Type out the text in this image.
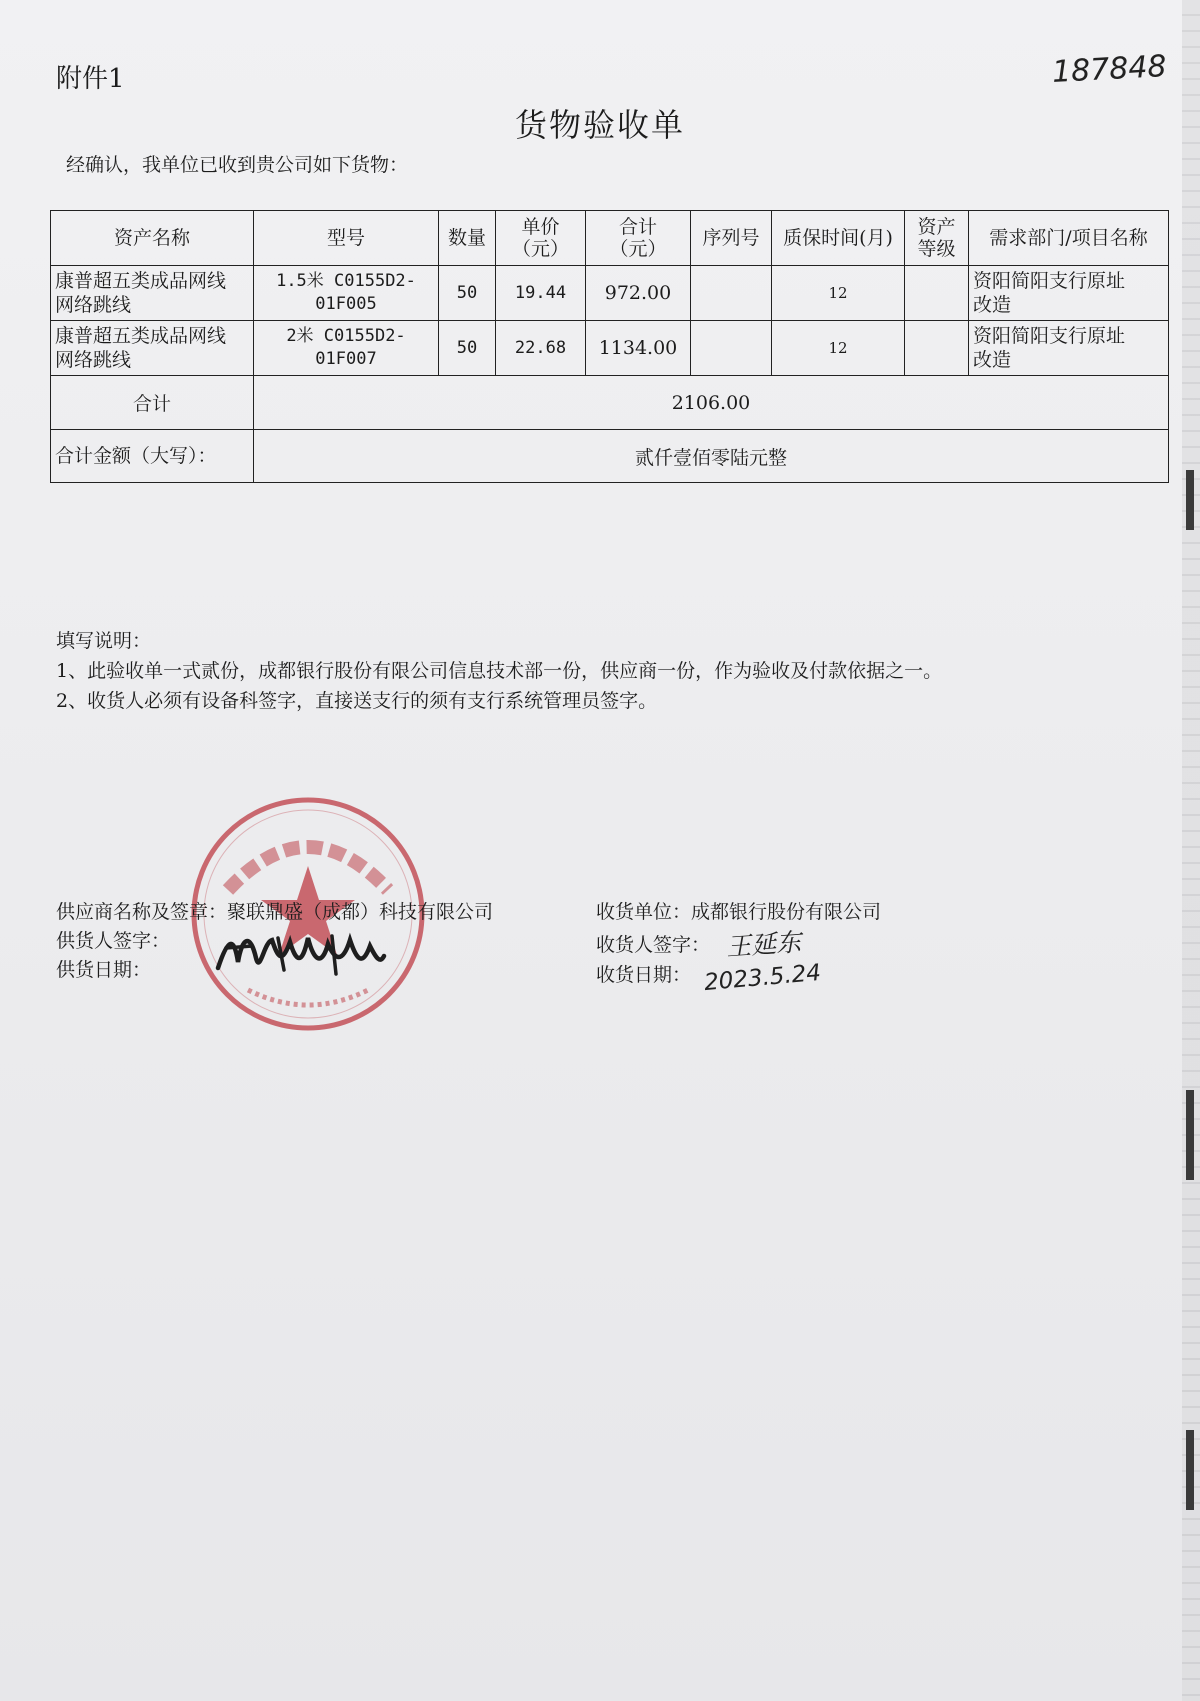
附件1	187848
货物验收单
经确认，我单位已收到贵公司如下货物：
资产名称	型号	数量	单价
（元）	合计
（元）	序列号	质保时间(月)	资产
等级	需求部门/项目名称
康普超五类成品网线
网络跳线	1.5米 C0155D2-
01F005	50	19.44	972.00		12		资阳简阳支行原址
改造
康普超五类成品网线
网络跳线	2米 C0155D2-
01F007	50	22.68	1134.00		12		资阳简阳支行原址
改造
合计	2106.00							
合计金额（大写）：	贰仟壹佰零陆元整							
填写说明：
1、此验收单一式贰份，成都银行股份有限公司信息技术部一份，供应商一份，作为验收及付款依据之一。
2、收货人必须有设备科签字，直接送支行的须有支行系统管理员签字。
供应商名称及签章：聚联鼎盛（成都）科技有限公司
供货人签字：
供货日期：
收货单位：成都银行股份有限公司
收货人签字： 王延东
收货日期： 2023.5.24
